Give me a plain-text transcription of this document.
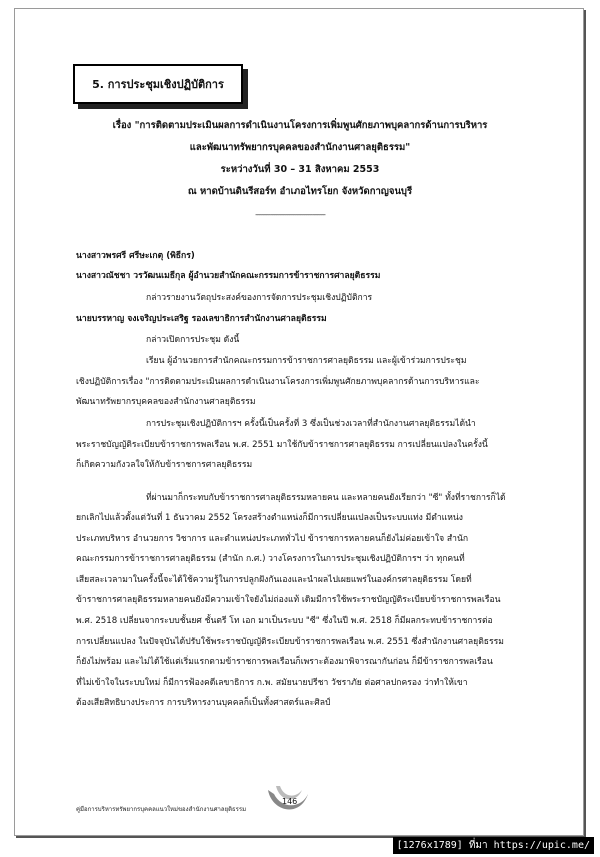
5. การประชุมเชิงปฏิบัติการ
เรื่อง "การติดตามประเมินผลการดำเนินงานโครงการเพิ่มพูนศักยภาพบุคลากรด้านการบริหาร
และพัฒนาทรัพยากรบุคคลของสำนักงานศาลยุติธรรม"
ระหว่างวันที่ 30 – 31 สิงหาคม 2553
ณ หาดบ้านดินรีสอร์ท อำเภอไทรโยก จังหวัดกาญจนบุรี
-------------------------------------
นางสาวพรศรี ศรีษะเกตุ (พิธีกร)
นางสาวณัชชา วรวัฒนเมธีกุล ผู้อำนวยสำนักคณะกรรมการข้าราชการศาลยุติธรรม
กล่าวรายงานวัตถุประสงค์ของการจัดการประชุมเชิงปฏิบัติการ
นายบรรหาญ จงเจริญประเสริฐ รองเลขาธิการสำนักงานศาลยุติธรรม
กล่าวเปิดการประชุม ดังนี้
เรียน ผู้อำนวยการสำนักคณะกรรมการข้าราชการศาลยุติธรรม และผู้เข้าร่วมการประชุม
เชิงปฏิบัติการเรื่อง "การติดตามประเมินผลการดำเนินงานโครงการเพิ่มพูนศักยภาพบุคลากรด้านการบริหารและ
พัฒนาทรัพยากรบุคคลของสำนักงานศาลยุติธรรม
การประชุมเชิงปฏิบัติการฯ ครั้งนี้เป็นครั้งที่ 3 ซึ่งเป็นช่วงเวลาที่สำนักงานศาลยุติธรรมได้นำ
พระราชบัญญัติระเบียบข้าราชการพลเรือน พ.ศ. 2551 มาใช้กับข้าราชการศาลยุติธรรม การเปลี่ยนแปลงในครั้งนี้
ก็เกิดความกังวลใจให้กับข้าราชการศาลยุติธรรม
ที่ผ่านมาก็กระทบกับข้าราชการศาลยุติธรรมหลายคน และหลายคนยังเรียกว่า "ซี" ทั้งที่ราชการก็ได้
ยกเลิกไปแล้วตั้งแต่วันที่ 1 ธันวาคม 2552 โครงสร้างตำแหน่งก็มีการเปลี่ยนแปลงเป็นระบบแท่ง มีตำแหน่ง
ประเภทบริหาร อำนวยการ วิชาการ และตำแหน่งประเภททั่วไป ข้าราชการหลายคนก็ยังไม่ค่อยเข้าใจ สำนัก
คณะกรรมการข้าราชการศาลยุติธรรม (สำนัก ก.ศ.) วางโครงการในการประชุมเชิงปฏิบัติการฯ ว่า ทุกคนที่
เสียสละเวลามาในครั้งนี้จะได้ใช้ความรู้ในการปลูกฝังกันเองและนำผลไปเผยแพร่ในองค์กรศาลยุติธรรม โดยที่
ข้าราชการศาลยุติธรรมหลายคนยังมีความเข้าใจยังไม่ถ่องแท้ เดิมมีการใช้พระราชบัญญัติระเบียบข้าราชการพลเรือน
พ.ศ. 2518 เปลี่ยนจากระบบชั้นยศ ชั้นตรี โท เอก มาเป็นระบบ "ซี" ซึ่งในปี พ.ศ. 2518 ก็มีผลกระทบข้าราชการต่อ
การเปลี่ยนแปลง ในปัจจุบันได้ปรับใช้พระราชบัญญัติระเบียบข้าราชการพลเรือน พ.ศ. 2551 ซึ่งสำนักงานศาลยุติธรรม
ก็ยังไม่พร้อม และไม่ได้ใช้แต่เริ่มแรกตามข้าราชการพลเรือนก็เพราะต้องมาพิจารณากันก่อน ก็มีข้าราชการพลเรือน
ที่ไม่เข้าใจในระบบใหม่ ก็มีการฟ้องคดีเลขาธิการ ก.พ. สมัยนายปรีชา วัชราภัย ต่อศาลปกครอง ว่าทำให้เขา
ต้องเสียสิทธิบางประการ การบริหารงานบุคคลก็เป็นทั้งศาสตร์และศิลป์
คู่มือการบริหารทรัพยากรบุคคลแนวใหม่ของสำนักงานศาลยุติธรรม
146
[1276x1789] ที่มา https://upic.me/
